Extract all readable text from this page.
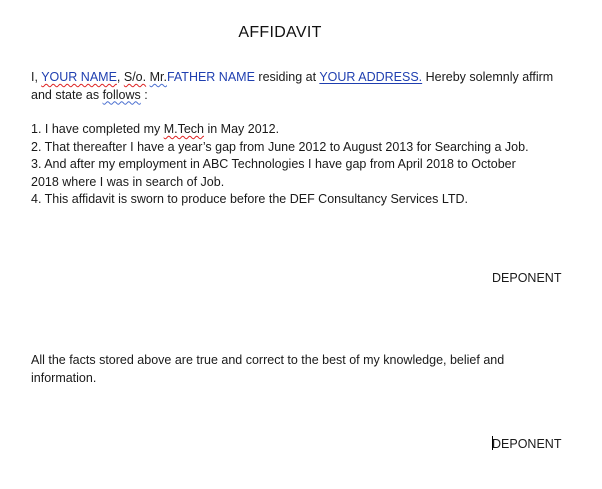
AFFIDAVIT
I, YOUR NAME, S/o. Mr.FATHER NAME residing at YOUR ADDRESS. Hereby solemnly affirm and state as follows :
1. I have completed my M.Tech in May 2012.
2. That thereafter I have a year’s gap from June 2012 to August 2013 for Searching a Job.
3. And after my employment in ABC Technologies I have gap from April 2018 to October
2018 where I was in search of Job.
4. This affidavit is sworn to produce before the DEF Consultancy Services LTD.
DEPONENT
All the facts stored above are true and correct to the best of my knowledge, belief and information.
DEPONENT
